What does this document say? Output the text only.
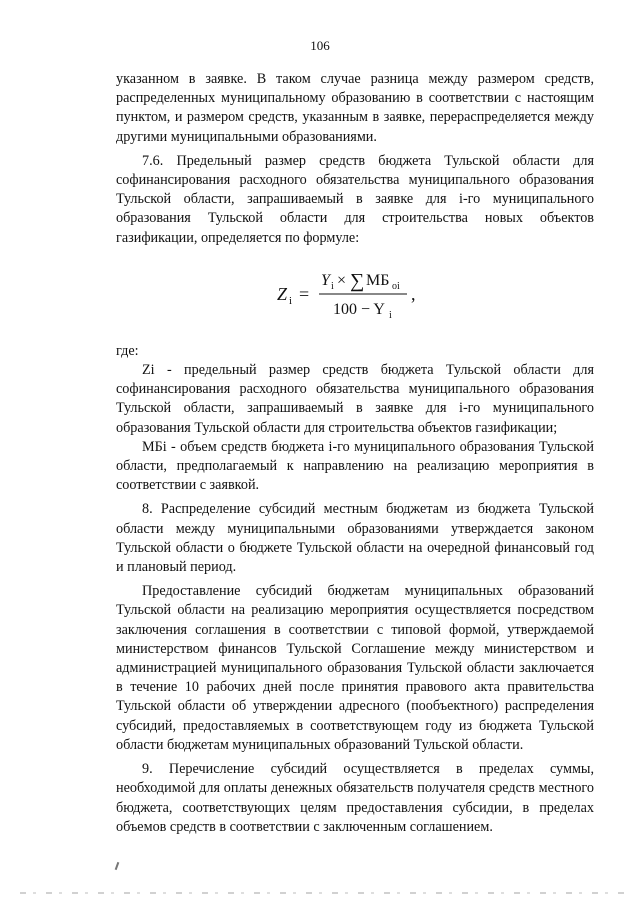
106

указанном в заявке. В таком случае разница между размером средств, распределенных муниципальному образованию в соответствии с настоящим пунктом, и размером средств, указанным в заявке, перераспределяется между другими муниципальными образованиями.

7.6. Предельный размер средств бюджета Тульской области для софинансирования расходного обязательства муниципального образования Тульской области, запрашиваемый в заявке для i-го муниципального образования Тульской области для строительства новых объектов газификации, определяется по формуле:

Z i =
Y i × ∑ МБ оi
100 − Y i
,

где:

Zi - предельный размер средств бюджета Тульской области для софинансирования расходного обязательства муниципального образования Тульской области, запрашиваемый в заявке для i-го муниципального образования Тульской области для строительства объектов газификации;

МБi - объем средств бюджета i-го муниципального образования Тульской области, предполагаемый к направлению на реализацию мероприятия в соответствии с заявкой.

8. Распределение субсидий местным бюджетам из бюджета Тульской области между муниципальными образованиями утверждается законом Тульской области о бюджете Тульской области на очередной финансовый год и плановый период.

Предоставление субсидий бюджетам муниципальных образований Тульской области на реализацию мероприятия осуществляется посредством заключения соглашения в соответствии с типовой формой, утверждаемой министерством финансов Тульской Соглашение между министерством и администрацией муниципального образования Тульской области заключается в течение 10 рабочих дней после принятия правового акта правительства Тульской области об утверждении адресного (пообъектного) распределения субсидий, предоставляемых в соответствующем году из бюджета Тульской области бюджетам муниципальных образований Тульской области.

9. Перечисление субсидий осуществляется в пределах суммы, необходимой для оплаты денежных обязательств получателя средств местного бюджета, соответствующих целям предоставления субсидии, в пределах объемов средств в соответствии с заключенным соглашением.
